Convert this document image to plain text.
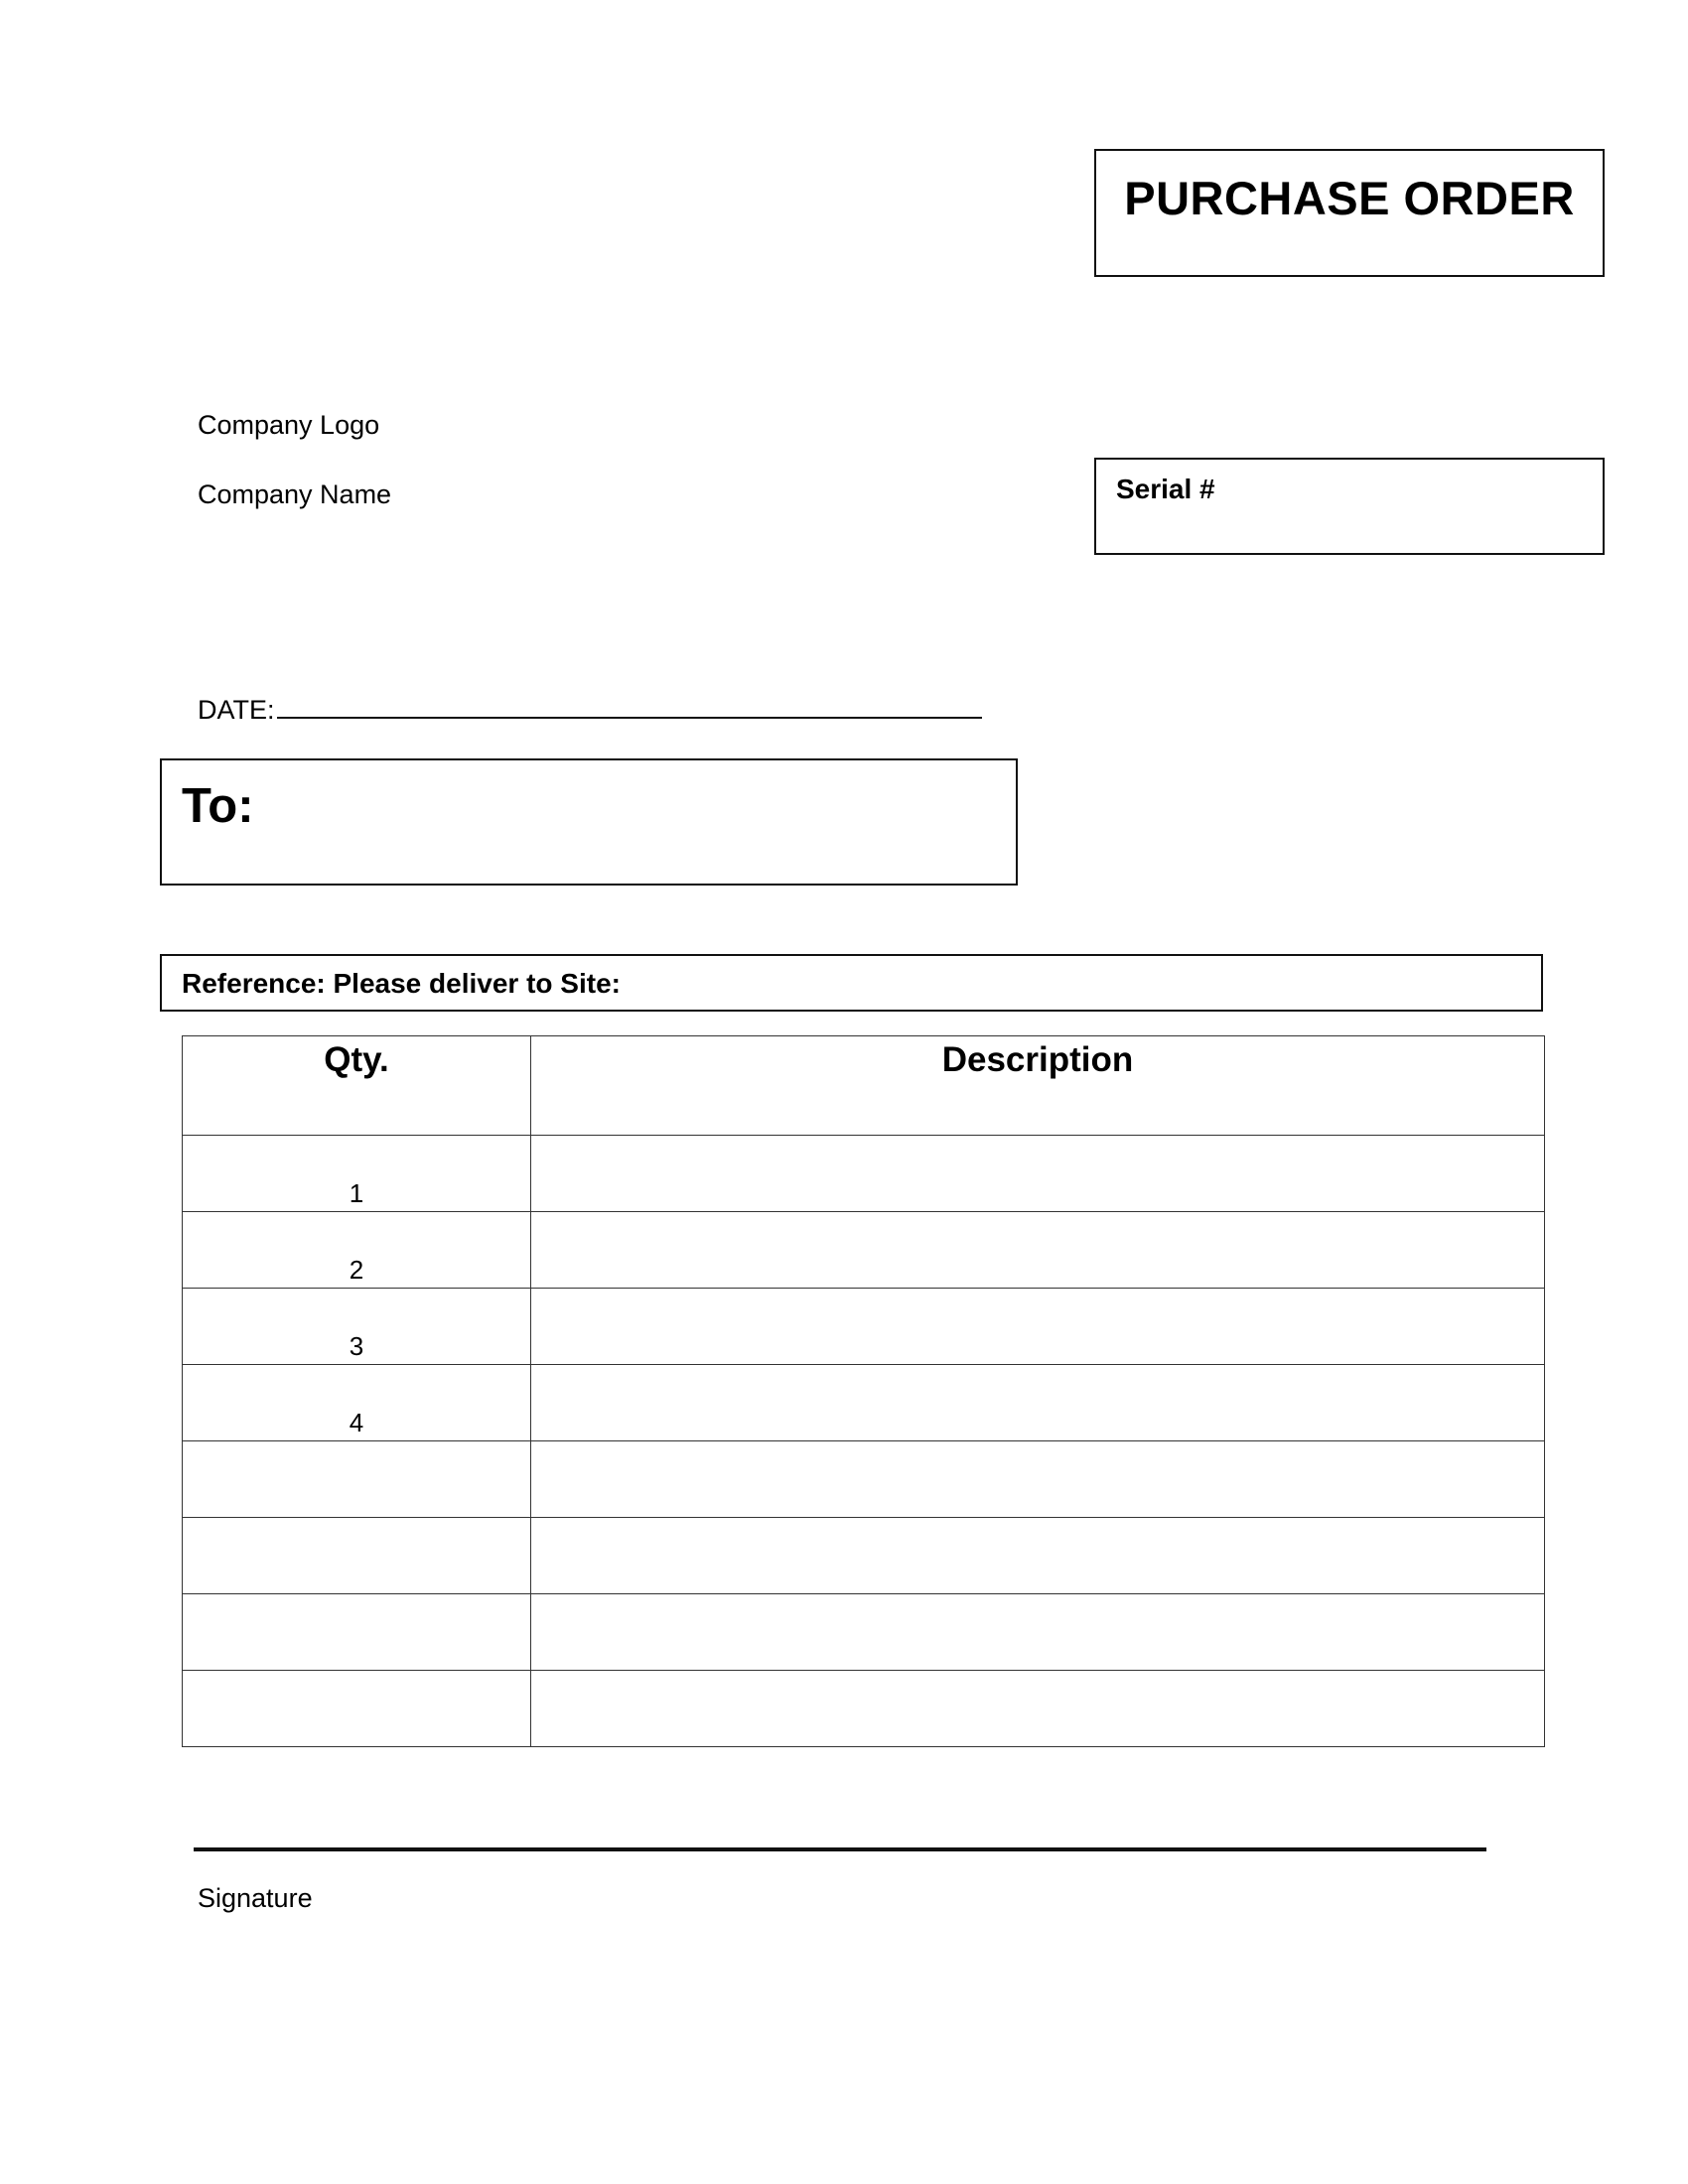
PURCHASE ORDER
Company Logo
Company Name	Serial #
DATE:
To:
Reference: Please deliver to Site:
Qty.	Description
1	
2	
3	
4	

Signature
